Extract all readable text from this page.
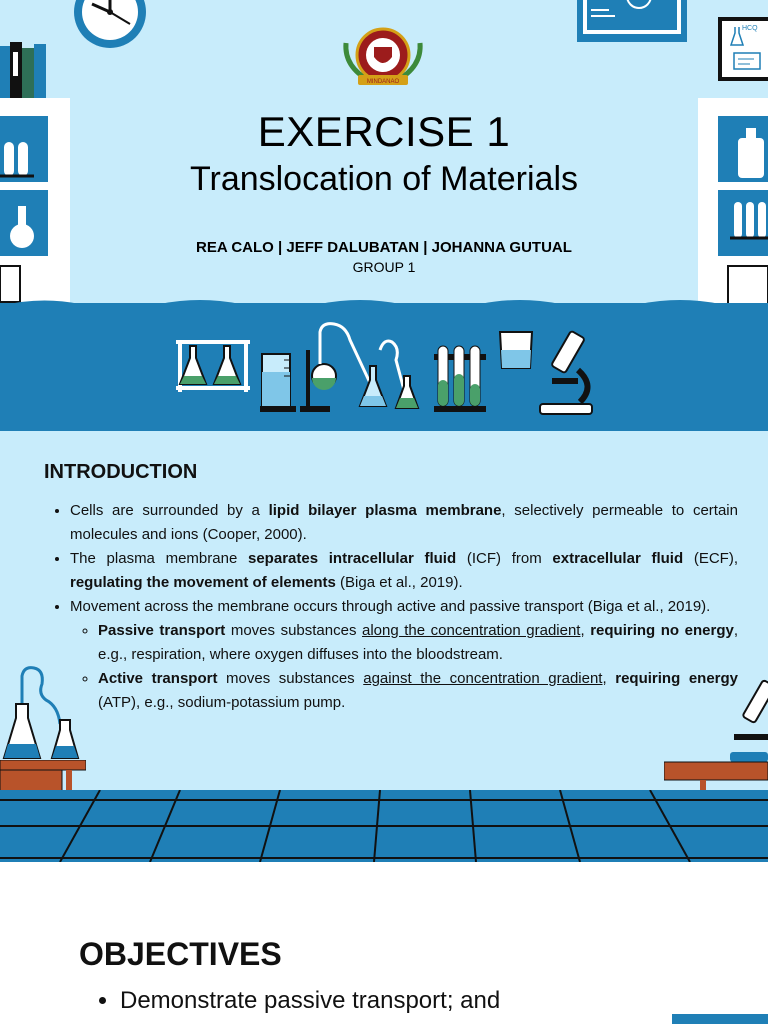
HCQ
MINDANAO
EXERCISE 1
Translocation of Materials
REA CALO | JEFF DALUBATAN | JOHANNA GUTUAL
GROUP 1
INTRODUCTION
• Cells are surrounded by a lipid bilayer plasma membrane, selectively permeable to certain molecules and ions (Cooper, 2000).
• The plasma membrane separates intracellular fluid (ICF) from extracellular fluid (ECF), regulating the movement of elements (Biga et al., 2019).
• Movement across the membrane occurs through active and passive transport (Biga et al., 2019).
◦ Passive transport moves substances along the concentration gradient, requiring no energy, e.g., respiration, where oxygen diffuses into the bloodstream.
◦ Active transport moves substances against the concentration gradient, requiring energy (ATP), e.g., sodium-potassium pump.
OBJECTIVES
• Demonstrate passive transport; and
